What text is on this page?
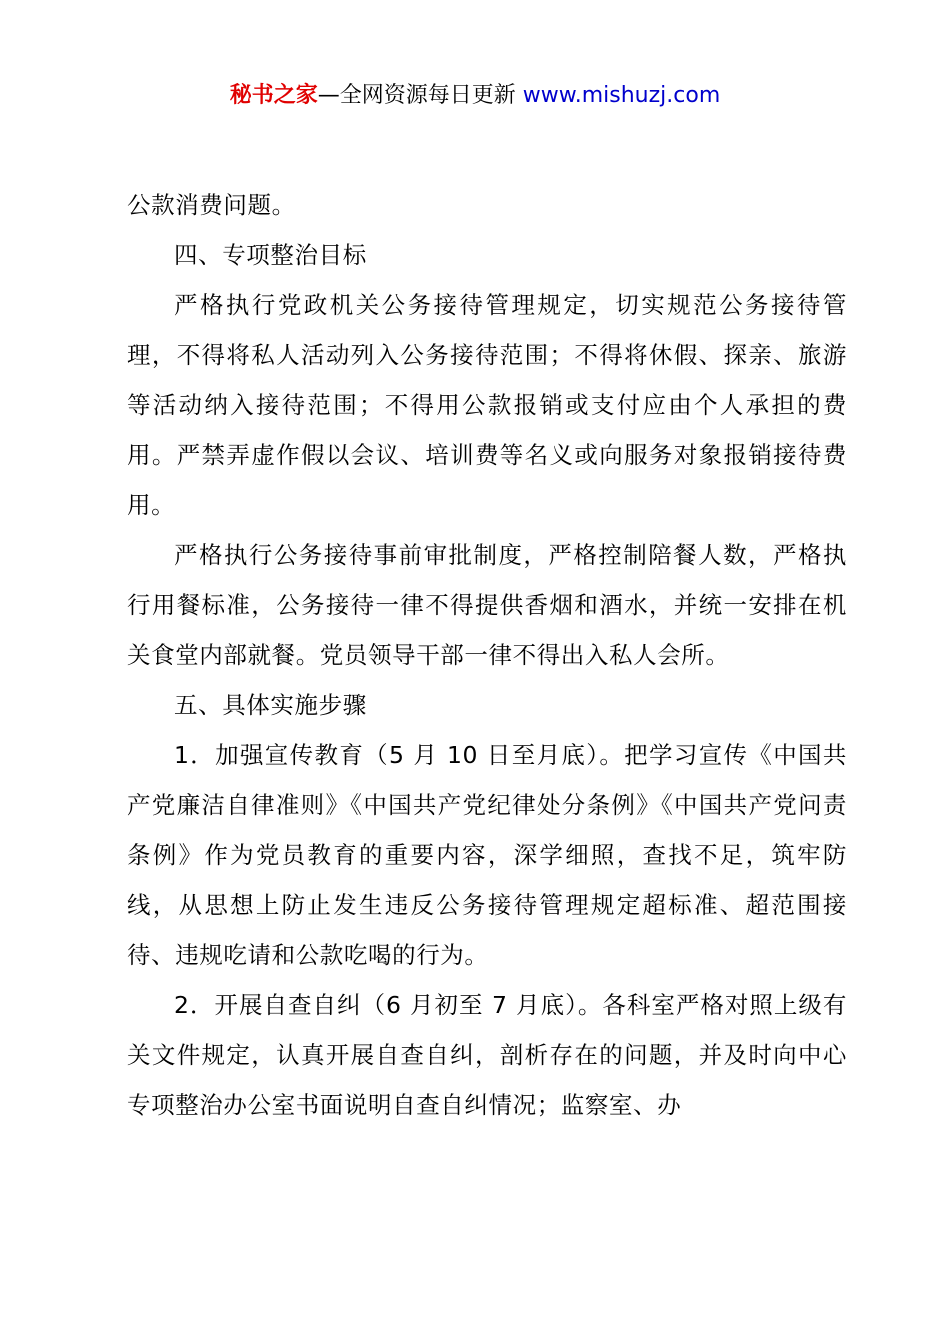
秘书之家—全网资源每日更新 www.mishuzj.com

公款消费问题。

四、专项整治目标

严格执行党政机关公务接待管理规定，切实规范公务接待管理，不得将私人活动列入公务接待范围；不得将休假、探亲、旅游等活动纳入接待范围；不得用公款报销或支付应由个人承担的费用。严禁弄虚作假以会议、培训费等名义或向服务对象报销接待费用。

严格执行公务接待事前审批制度，严格控制陪餐人数，严格执行用餐标准，公务接待一律不得提供香烟和酒水，并统一安排在机关食堂内部就餐。党员领导干部一律不得出入私人会所。

五、具体实施步骤

1．加强宣传教育（5 月 10 日至月底）。把学习宣传《中国共产党廉洁自律准则》《中国共产党纪律处分条例》《中国共产党问责条例》作为党员教育的重要内容，深学细照，查找不足，筑牢防线，从思想上防止发生违反公务接待管理规定超标准、超范围接待、违规吃请和公款吃喝的行为。

2．开展自查自纠（6 月初至 7 月底）。各科室严格对照上级有关文件规定，认真开展自查自纠，剖析存在的问题，并及时向中心专项整治办公室书面说明自查自纠情况；监察室、办
